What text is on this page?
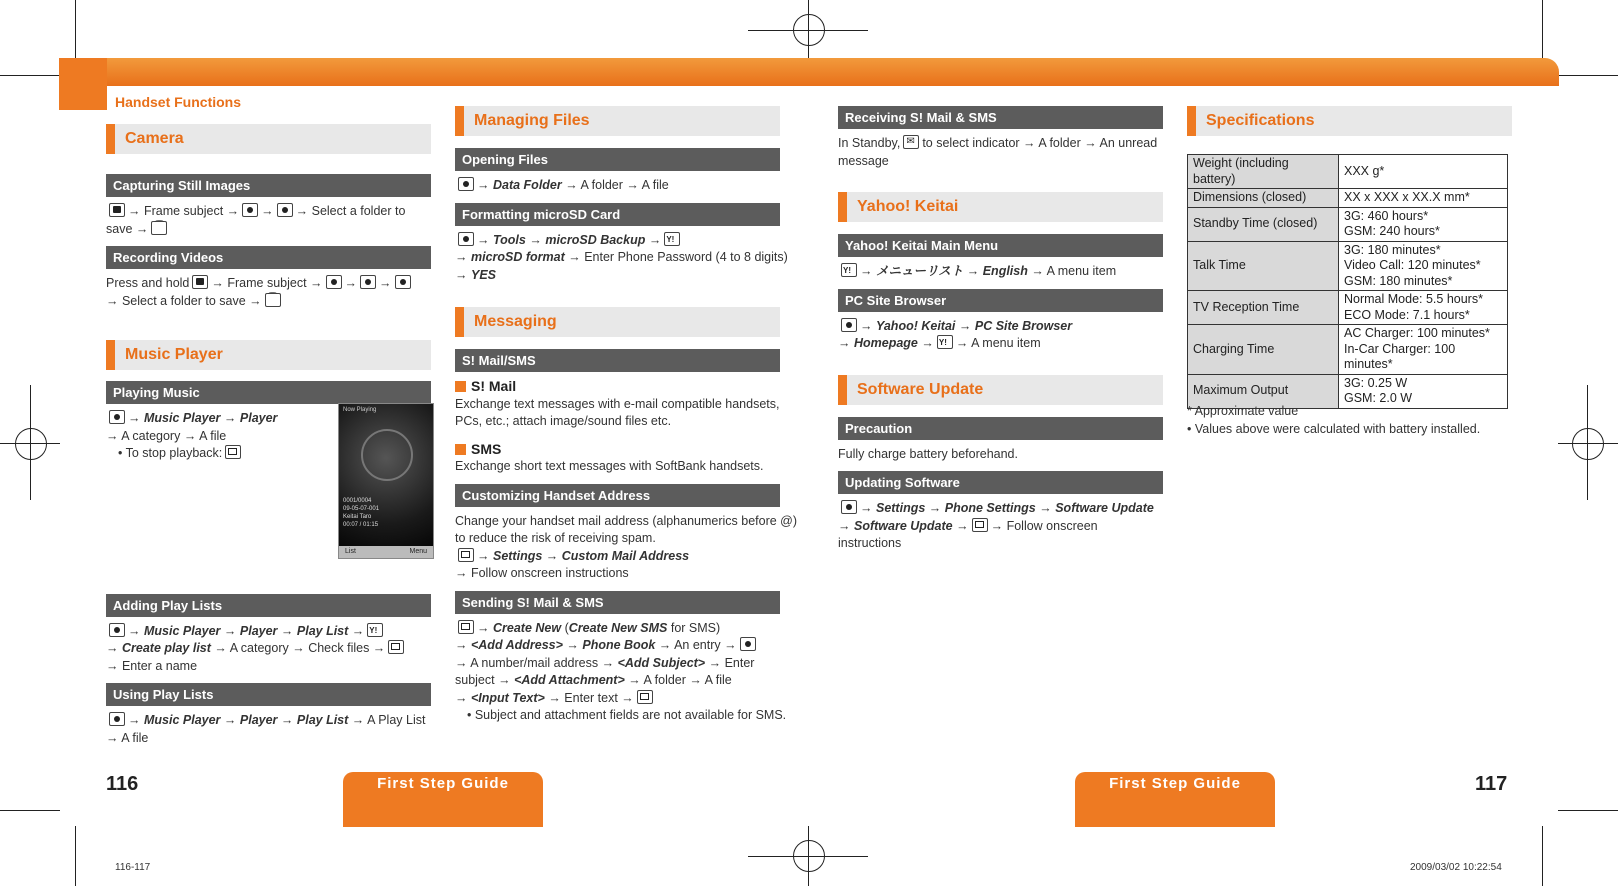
Handset Functions
Camera
Capturing Still Images
→ Frame subject → → → Select a folder to
save →⌒
Recording Videos
Press and hold → Frame subject → → →
→ Select a folder to save →⌒
Music Player
Playing Music
→ Music Player → Player
→ A category → A file
• To stop playback:
Adding Play Lists
→ Music Player → Player → Play List →Y!
→ Create play list → A category → Check files →
→ Enter a name
Using Play Lists
→ Music Player → Player → Play List → A Play List
→ A file
Now Playing
0001/0004
09-05-07-001
Keitai Taro
00:07 / 01:15
List	Menu
Managing Files
Opening Files
→ Data Folder → A folder → A file
Formatting microSD Card
→ Tools → microSD Backup →Y!
→ microSD format → Enter Phone Password (4 to 8 digits)
→ YES
Messaging
S! Mail/SMS
S! Mail
Exchange text messages with e-mail compatible handsets,
PCs, etc.; attach image/sound files etc.
SMS
Exchange short text messages with SoftBank handsets.
Customizing Handset Address
Change your handset mail address (alphanumerics before @)
to reduce the risk of receiving spam.
→ Settings → Custom Mail Address
→ Follow onscreen instructions
Sending S! Mail & SMS
→ Create New (Create New SMS for SMS)
→ <Add Address> → Phone Book → An entry →
→ A number/mail address → <Add Subject> → Enter
subject → <Add Attachment> → A folder → A file
→ <Input Text> → Enter text →
• Subject and attachment fields are not available for SMS.
Receiving S! Mail & SMS
In Standby, ✉ to select indicator → A folder → An unread
message
Yahoo! Keitai
Yahoo! Keitai Main Menu
Y!→ メニューリスト → English → A menu item
PC Site Browser
→ Yahoo! Keitai → PC Site Browser
→ Homepage → Y! → A menu item
Software Update
Precaution
Fully charge battery beforehand.
Updating Software
→ Settings → Phone Settings → Software Update
→ Software Update → → Follow onscreen
instructions
Specifications
Weight (including battery)	XXX g*

Dimensions (closed)	XX x XXX x XX.X mm*

Standby Time (closed)	3G: 460 hours*
GSM: 240 hours*

Talk Time	3G: 180 minutes*
Video Call: 120 minutes*
GSM: 180 minutes*

TV Reception Time	Normal Mode: 5.5 hours*
ECO Mode: 7.1 hours*

Charging Time	AC Charger: 100 minutes*
In-Car Charger: 100 minutes*

Maximum Output	3G: 0.25 W
GSM: 2.0 W
* Approximate value
• Values above were calculated with battery installed.
116	117
First Step Guide	First Step Guide
116-117	2009/03/02 10:22:54
